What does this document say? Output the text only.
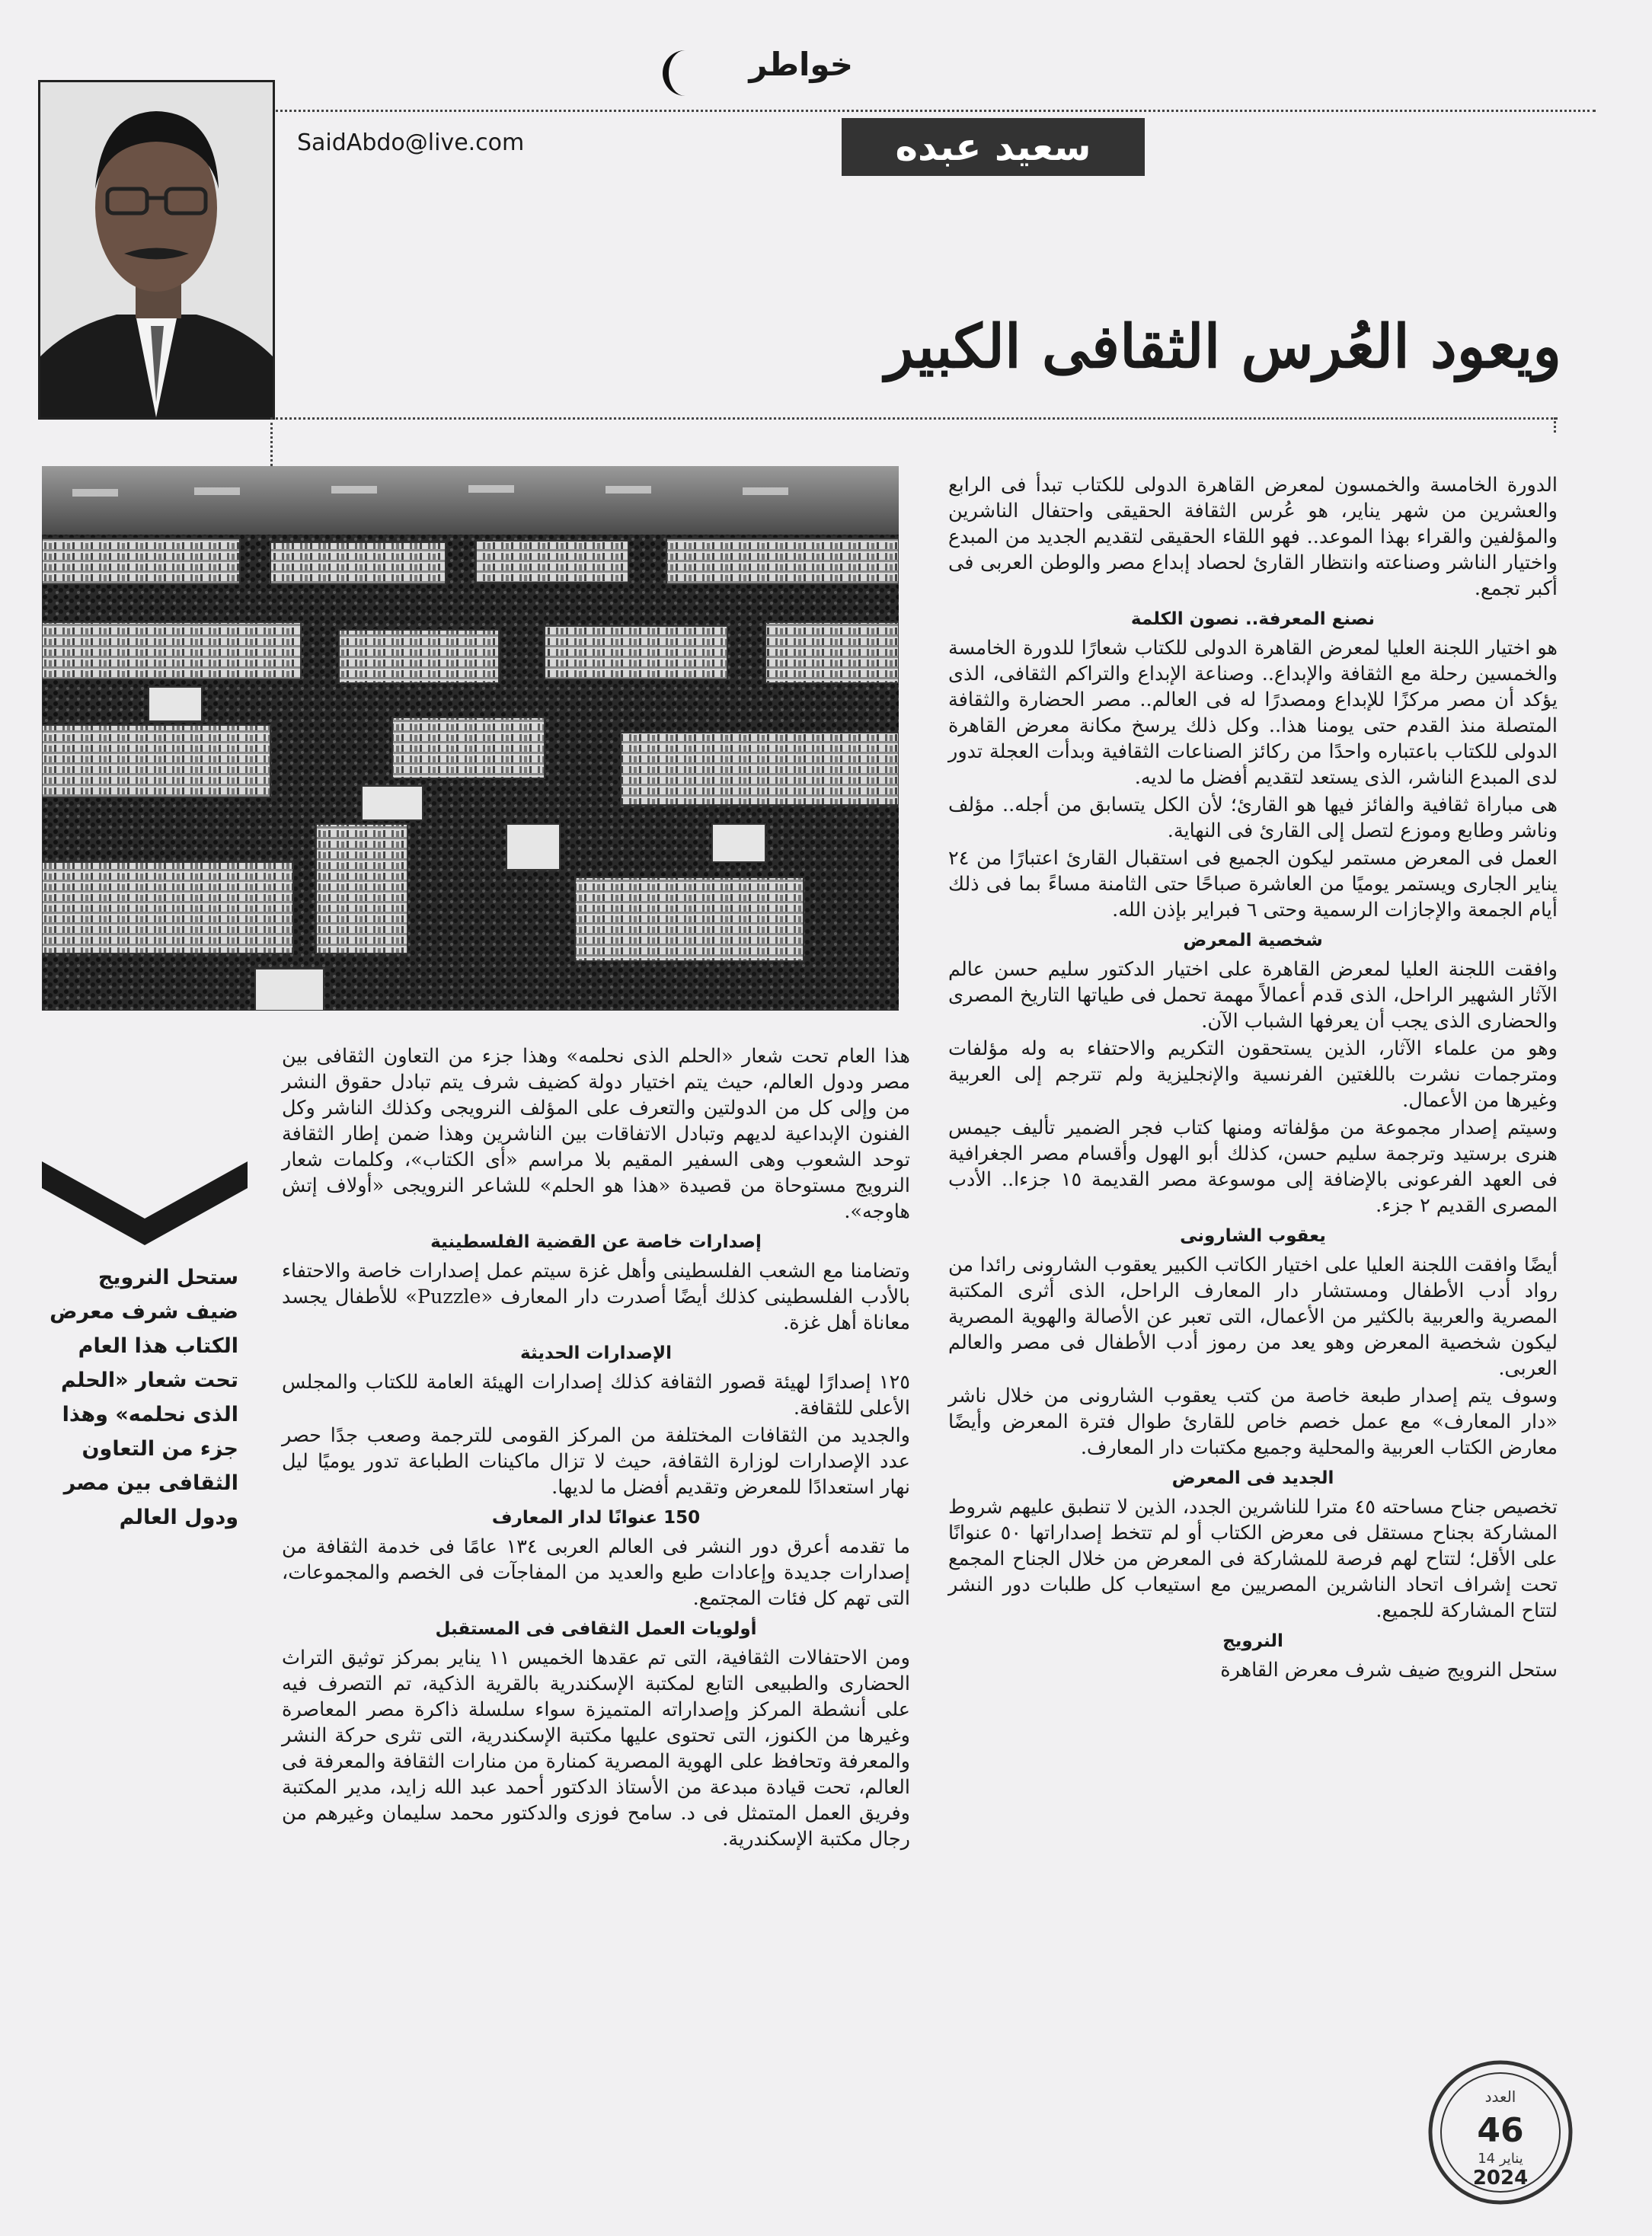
خواطر
سعيد عبده
SaidAbdo@live.com
ويعود العُرس الثقافى الكبير

الدورة الخامسة والخمسون لمعرض القاهرة الدولى للكتاب تبدأ فى الرابع والعشرين من شهر يناير، هو عُرس الثقافة الحقيقى واحتفال الناشرين والمؤلفين والقراء بهذا الموعد.. فهو اللقاء الحقيقى لتقديم الجديد من المبدع واختيار الناشر وصناعته وانتظار القارئ لحصاد إبداع مصر والوطن العربى فى أكبر تجمع.

نصنع المعرفة.. نصون الكلمة

هو اختيار اللجنة العليا لمعرض القاهرة الدولى للكتاب شعارًا للدورة الخامسة والخمسين رحلة مع الثقافة والإبداع.. وصناعة الإبداع والتراكم الثقافى، الذى يؤكد أن مصر مركزًا للإبداع ومصدرًا له فى العالم.. مصر الحضارة والثقافة المتصلة منذ القدم حتى يومنا هذا.. وكل ذلك يرسخ مكانة معرض القاهرة الدولى للكتاب باعتباره واحدًا من ركائز الصناعات الثقافية وبدأت العجلة تدور لدى المبدع الناشر، الذى يستعد لتقديم أفضل ما لديه.

هى مباراة ثقافية والفائز فيها هو القارئ؛ لأن الكل يتسابق من أجله.. مؤلف وناشر وطابع وموزع لتصل إلى القارئ فى النهاية.

العمل فى المعرض مستمر ليكون الجميع فى استقبال القارئ اعتبارًا من ٢٤ يناير الجارى ويستمر يوميًا من العاشرة صباحًا حتى الثامنة مساءً بما فى ذلك أيام الجمعة والإجازات الرسمية وحتى ٦ فبراير بإذن الله.

شخصية المعرض

وافقت اللجنة العليا لمعرض القاهرة على اختيار الدكتور سليم حسن عالم الآثار الشهير الراحل، الذى قدم أعمالاً مهمة تحمل فى طياتها التاريخ المصرى والحضارى الذى يجب أن يعرفها الشباب الآن.

وهو من علماء الآثار، الذين يستحقون التكريم والاحتفاء به وله مؤلفات ومترجمات نشرت باللغتين الفرنسية والإنجليزية ولم تترجم إلى العربية وغيرها من الأعمال.

وسيتم إصدار مجموعة من مؤلفاته ومنها كتاب فجر الضمير تأليف جيمس هنرى برستيد وترجمة سليم حسن، كذلك أبو الهول وأقسام مصر الجغرافية فى العهد الفرعونى بالإضافة إلى موسوعة مصر القديمة ١٥ جزءا.. الأدب المصرى القديم ٢ جزء.

يعقوب الشارونى

أيضًا وافقت اللجنة العليا على اختيار الكاتب الكبير يعقوب الشارونى رائدا من رواد أدب الأطفال ومستشار دار المعارف الراحل، الذى أثرى المكتبة المصرية والعربية بالكثير من الأعمال، التى تعبر عن الأصالة والهوية المصرية ليكون شخصية المعرض وهو يعد من رموز أدب الأطفال فى مصر والعالم العربى.

وسوف يتم إصدار طبعة خاصة من كتب يعقوب الشارونى من خلال ناشر «دار المعارف» مع عمل خصم خاص للقارئ طوال فترة المعرض وأيضًا معارض الكتاب العربية والمحلية وجميع مكتبات دار المعارف.

الجديد فى المعرض

تخصيص جناح مساحته ٤٥ مترا للناشرين الجدد، الذين لا تنطبق عليهم شروط المشاركة بجناح مستقل فى معرض الكتاب أو لم تتخط إصداراتها ٥٠ عنوانًا على الأقل؛ لتتاح لهم فرصة للمشاركة فى المعرض من خلال الجناح المجمع تحت إشراف اتحاد الناشرين المصريين مع استيعاب كل طلبات دور النشر لتتاح المشاركة للجميع.

النرويج

ستحل النرويج ضيف شرف معرض القاهرة

هذا العام تحت شعار «الحلم الذى نحلمه» وهذا جزء من التعاون الثقافى بين مصر ودول العالم، حيث يتم اختيار دولة كضيف شرف يتم تبادل حقوق النشر من وإلى كل من الدولتين والتعرف على المؤلف النرويجى وكذلك الناشر وكل الفنون الإبداعية لديهم وتبادل الاتفاقات بين الناشرين وهذا ضمن إطار الثقافة توحد الشعوب وهى السفير المقيم بلا مراسم «أى الكتاب»، وكلمات شعار النرويج مستوحاة من قصيدة «هذا هو الحلم» للشاعر النرويجى «أولاف إتش هاوجه».

إصدارات خاصة عن القضية الفلسطينية

وتضامنا مع الشعب الفلسطينى وأهل غزة سيتم عمل إصدارات خاصة والاحتفاء بالأدب الفلسطينى كذلك أيضًا أصدرت دار المعارف «Puzzle» للأطفال يجسد معاناة أهل غزة.

الإصدارات الحديثة

١٢٥ إصدارًا لهيئة قصور الثقافة كذلك إصدارات الهيئة العامة للكتاب والمجلس الأعلى للثقافة.

والجديد من الثقافات المختلفة من المركز القومى للترجمة وصعب جدًا حصر عدد الإصدارات لوزارة الثقافة، حيث لا تزال ماكينات الطباعة تدور يوميًا ليل نهار استعدادًا للمعرض وتقديم أفضل ما لديها.

150 عنوانًا لدار المعارف

ما تقدمه أعرق دور النشر فى العالم العربى ١٣٤ عامًا فى خدمة الثقافة من إصدارات جديدة وإعادات طبع والعديد من المفاجآت فى الخصم والمجموعات، التى تهم كل فئات المجتمع.

أولويات العمل الثقافى فى المستقبل

ومن الاحتفالات الثقافية، التى تم عقدها الخميس ١١ يناير بمركز توثيق التراث الحضارى والطبيعى التابع لمكتبة الإسكندرية بالقرية الذكية، تم التصرف فيه على أنشطة المركز وإصداراته المتميزة سواء سلسلة ذاكرة مصر المعاصرة وغيرها من الكنوز، التى تحتوى عليها مكتبة الإسكندرية، التى تثرى حركة النشر والمعرفة وتحافظ على الهوية المصرية كمنارة من منارات الثقافة والمعرفة فى العالم، تحت قيادة مبدعة من الأستاذ الدكتور أحمد عبد الله زايد، مدير المكتبة وفريق العمل المتمثل فى د. سامح فوزى والدكتور محمد سليمان وغيرهم من رجال مكتبة الإسكندرية.

ستحل النرويج ضيف شرف معرض الكتاب هذا العام تحت شعار «الحلم الذى نحلمه» وهذا جزء من التعاون الثقافى بين مصر ودول العالم
العدد
46
14 يناير
2024
